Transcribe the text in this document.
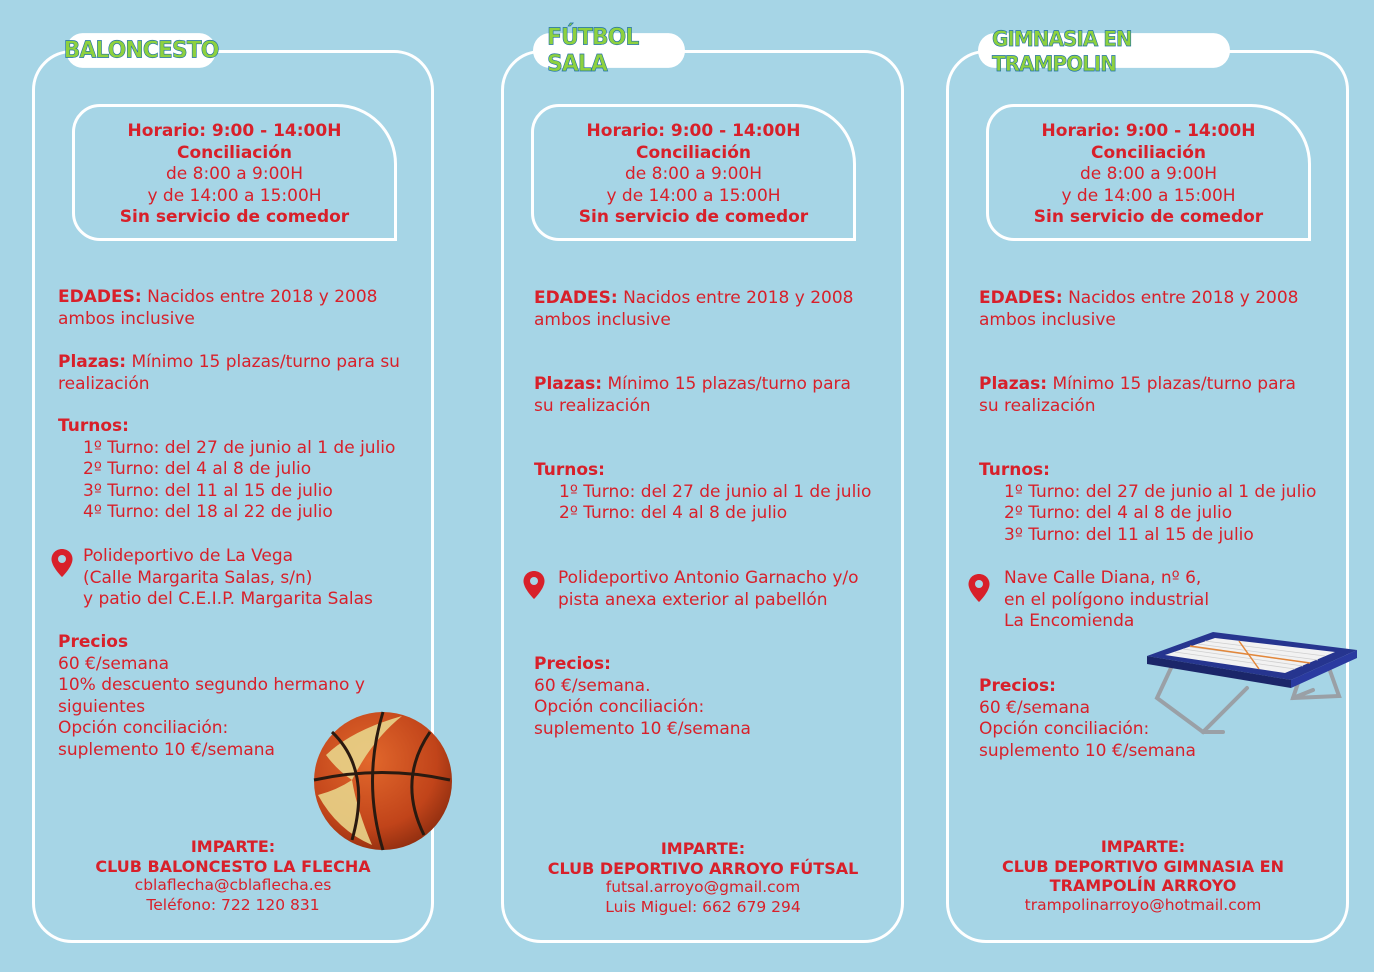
BALONCESTO
Horario: 9:00 - 14:00H
Conciliación
de 8:00 a 9:00H
y de 14:00 a 15:00H
Sin servicio de comedor
EDADES: Nacidos entre 2018 y 2008
ambos inclusive
Plazas: Mínimo 15 plazas/turno para su
realización
Turnos:
1º Turno: del 27 de junio al 1 de julio
2º Turno: del 4 al 8 de julio
3º Turno: del 11 al 15 de julio
4º Turno: del 18 al 22 de julio
Polideportivo de La Vega
(Calle Margarita Salas, s/n)
y patio del C.E.I.P. Margarita Salas
Precios
60 €/semana
10% descuento segundo hermano y
siguientes
Opción conciliación:
suplemento 10 €/semana
IMPARTE:
CLUB BALONCESTO LA FLECHA
cblaflecha@cblaflecha.es
Teléfono: 722 120 831
FÚTBOL SALA
Horario: 9:00 - 14:00H
Conciliación
de 8:00 a 9:00H
y de 14:00 a 15:00H
Sin servicio de comedor
EDADES: Nacidos entre 2018 y 2008
ambos inclusive
Plazas: Mínimo 15 plazas/turno para
su realización
Turnos:
1º Turno: del 27 de junio al 1 de julio
2º Turno: del 4 al 8 de julio
Polideportivo Antonio Garnacho y/o
pista anexa exterior al pabellón
Precios:
60 €/semana.
Opción conciliación:
suplemento 10 €/semana
IMPARTE:
CLUB DEPORTIVO ARROYO FÚTSAL
futsal.arroyo@gmail.com
Luis Miguel: 662 679 294
GIMNASIA EN TRAMPOLIN
Horario: 9:00 - 14:00H
Conciliación
de 8:00 a 9:00H
y de 14:00 a 15:00H
Sin servicio de comedor
EDADES: Nacidos entre 2018 y 2008
ambos inclusive
Plazas: Mínimo 15 plazas/turno para
su realización
Turnos:
1º Turno: del 27 de junio al 1 de julio
2º Turno: del 4 al 8 de julio
3º Turno: del 11 al 15 de julio
Nave Calle Diana, nº 6,
en el polígono industrial
La Encomienda
Precios:
60 €/semana
Opción conciliación:
suplemento 10 €/semana
IMPARTE:
CLUB DEPORTIVO GIMNASIA EN
TRAMPOLÍN ARROYO
trampolinarroyo@hotmail.com
